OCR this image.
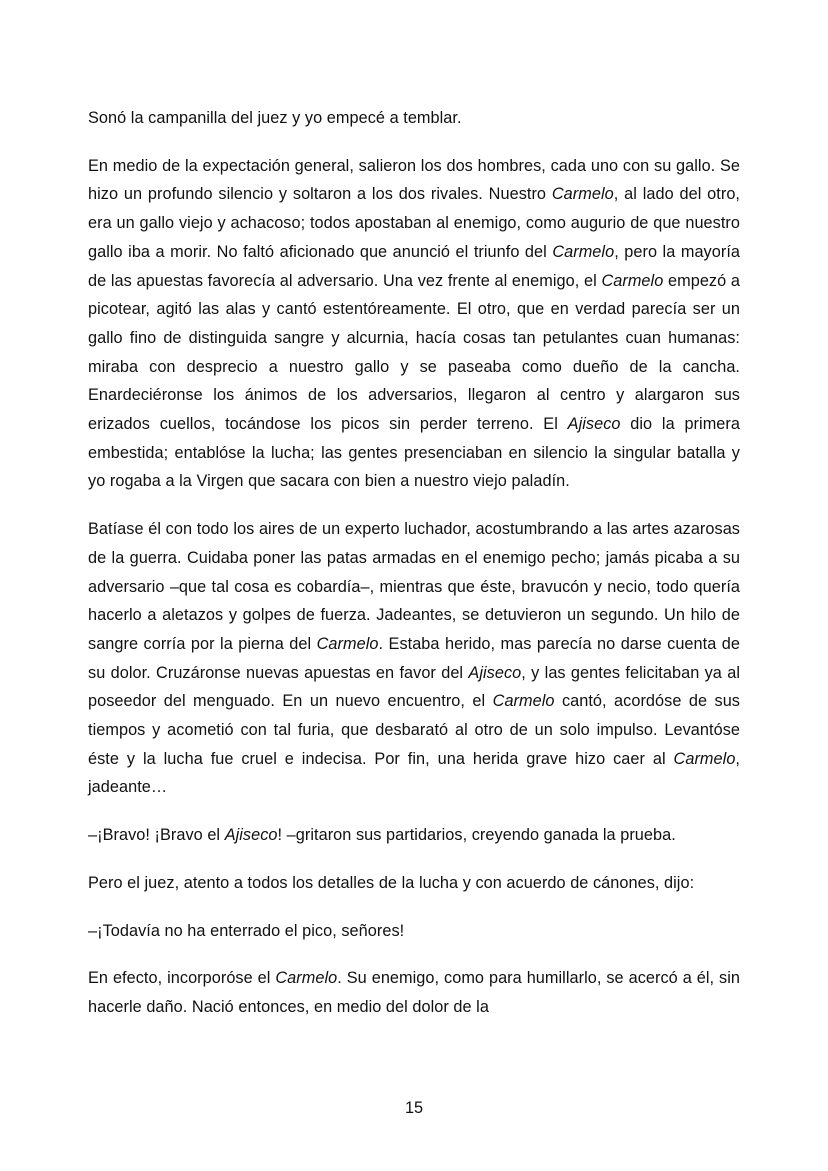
Sonó la campanilla del juez y yo empecé a temblar.

En medio de la expectación general, salieron los dos hombres, cada uno con su gallo. Se hizo un profundo silencio y soltaron a los dos rivales. Nuestro Carmelo, al lado del otro, era un gallo viejo y achacoso; todos apostaban al enemigo, como augurio de que nuestro gallo iba a morir. No faltó aficionado que anunció el triunfo del Carmelo, pero la mayoría de las apuestas favorecía al adversario. Una vez frente al enemigo, el Carmelo empezó a picotear, agitó las alas y cantó estentóreamente. El otro, que en verdad parecía ser un gallo fino de distinguida sangre y alcurnia, hacía cosas tan petulantes cuan humanas: miraba con desprecio a nuestro gallo y se paseaba como dueño de la cancha. Enardeciéronse los ánimos de los adversarios, llegaron al centro y alargaron sus erizados cuellos, tocándose los picos sin perder terreno. El Ajiseco dio la primera embestida; entablóse la lucha; las gentes presenciaban en silencio la singular batalla y yo rogaba a la Virgen que sacara con bien a nuestro viejo paladín.

Batíase él con todo los aires de un experto luchador, acostumbrando a las artes azarosas de la guerra. Cuidaba poner las patas armadas en el enemigo pecho; jamás picaba a su adversario –que tal cosa es cobardía–, mientras que éste, bravucón y necio, todo quería hacerlo a aletazos y golpes de fuerza. Jadeantes, se detuvieron un segundo. Un hilo de sangre corría por la pierna del Carmelo. Estaba herido, mas parecía no darse cuenta de su dolor. Cruzáronse nuevas apuestas en favor del Ajiseco, y las gentes felicitaban ya al poseedor del menguado. En un nuevo encuentro, el Carmelo cantó, acordóse de sus tiempos y acometió con tal furia, que desbarató al otro de un solo impulso. Levantóse éste y la lucha fue cruel e indecisa. Por fin, una herida grave hizo caer al Carmelo, jadeante…

–¡Bravo! ¡Bravo el Ajiseco! –gritaron sus partidarios, creyendo ganada la prueba.

Pero el juez, atento a todos los detalles de la lucha y con acuerdo de cánones, dijo:

–¡Todavía no ha enterrado el pico, señores!

En efecto, incorporóse el Carmelo. Su enemigo, como para humillarlo, se acercó a él, sin hacerle daño. Nació entonces, en medio del dolor de la

15
